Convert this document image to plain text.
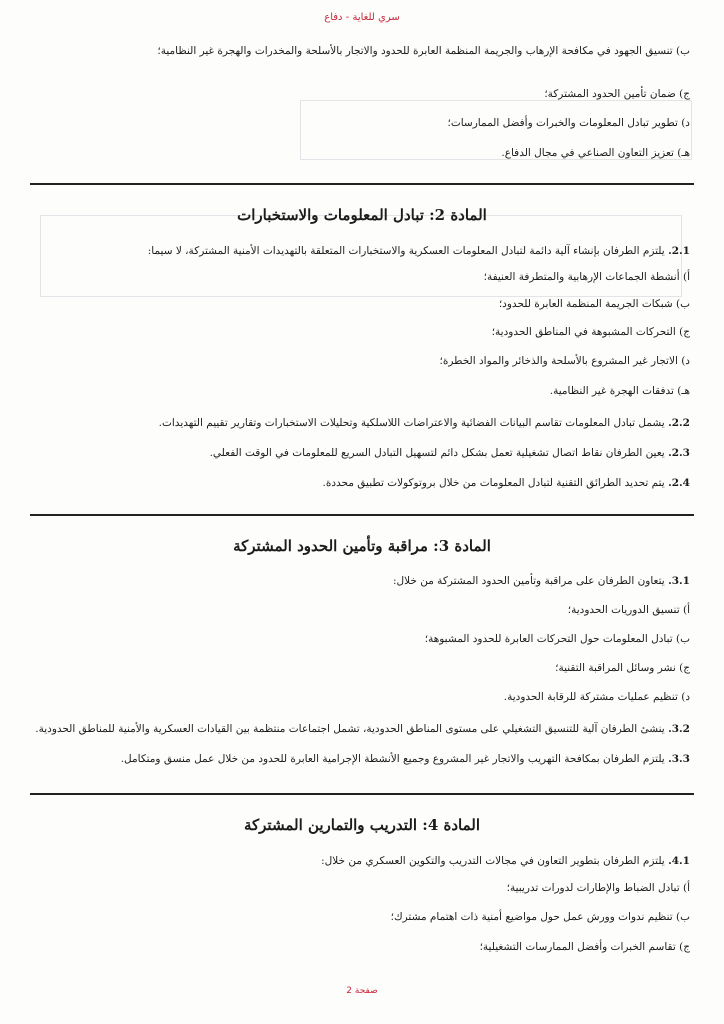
سري للغاية - دفاع
ب) تنسيق الجهود في مكافحة الإرهاب والجريمة المنظمة العابرة للحدود والاتجار بالأسلحة والمخدرات والهجرة غير النظامية؛
ج) ضمان تأمين الحدود المشتركة؛
د) تطوير تبادل المعلومات والخبرات وأفضل الممارسات؛
هـ) تعزيز التعاون الصناعي في مجال الدفاع.
المادة 2: تبادل المعلومات والاستخبارات
2.1. يلتزم الطرفان بإنشاء آلية دائمة لتبادل المعلومات العسكرية والاستخبارات المتعلقة بالتهديدات الأمنية المشتركة، لا سيما:
أ) أنشطة الجماعات الإرهابية والمتطرفة العنيفة؛
ب) شبكات الجريمة المنظمة العابرة للحدود؛
ج) التحركات المشبوهة في المناطق الحدودية؛
د) الاتجار غير المشروع بالأسلحة والذخائر والمواد الخطرة؛
هـ) تدفقات الهجرة غير النظامية.
2.2. يشمل تبادل المعلومات تقاسم البيانات الفضائية والاعتراضات اللاسلكية وتحليلات الاستخبارات وتقارير تقييم التهديدات.
2.3. يعين الطرفان نقاط اتصال تشغيلية تعمل بشكل دائم لتسهيل التبادل السريع للمعلومات في الوقت الفعلي.
2.4. يتم تحديد الطرائق التقنية لتبادل المعلومات من خلال بروتوكولات تطبيق محددة.
المادة 3: مراقبة وتأمين الحدود المشتركة
3.1. يتعاون الطرفان على مراقبة وتأمين الحدود المشتركة من خلال:
أ) تنسيق الدوريات الحدودية؛
ب) تبادل المعلومات حول التحركات العابرة للحدود المشبوهة؛
ج) نشر وسائل المراقبة التقنية؛
د) تنظيم عمليات مشتركة للرقابة الحدودية.
3.2. ينشئ الطرفان آلية للتنسيق التشغيلي على مستوى المناطق الحدودية، تشمل اجتماعات منتظمة بين القيادات العسكرية والأمنية للمناطق الحدودية.
3.3. يلتزم الطرفان بمكافحة التهريب والاتجار غير المشروع وجميع الأنشطة الإجرامية العابرة للحدود من خلال عمل منسق ومتكامل.
المادة 4: التدريب والتمارين المشتركة
4.1. يلتزم الطرفان بتطوير التعاون في مجالات التدريب والتكوين العسكري من خلال:
أ) تبادل الضباط والإطارات لدورات تدريبية؛
ب) تنظيم ندوات وورش عمل حول مواضيع أمنية ذات اهتمام مشترك؛
ج) تقاسم الخبرات وأفضل الممارسات التشغيلية؛
صفحة 2
